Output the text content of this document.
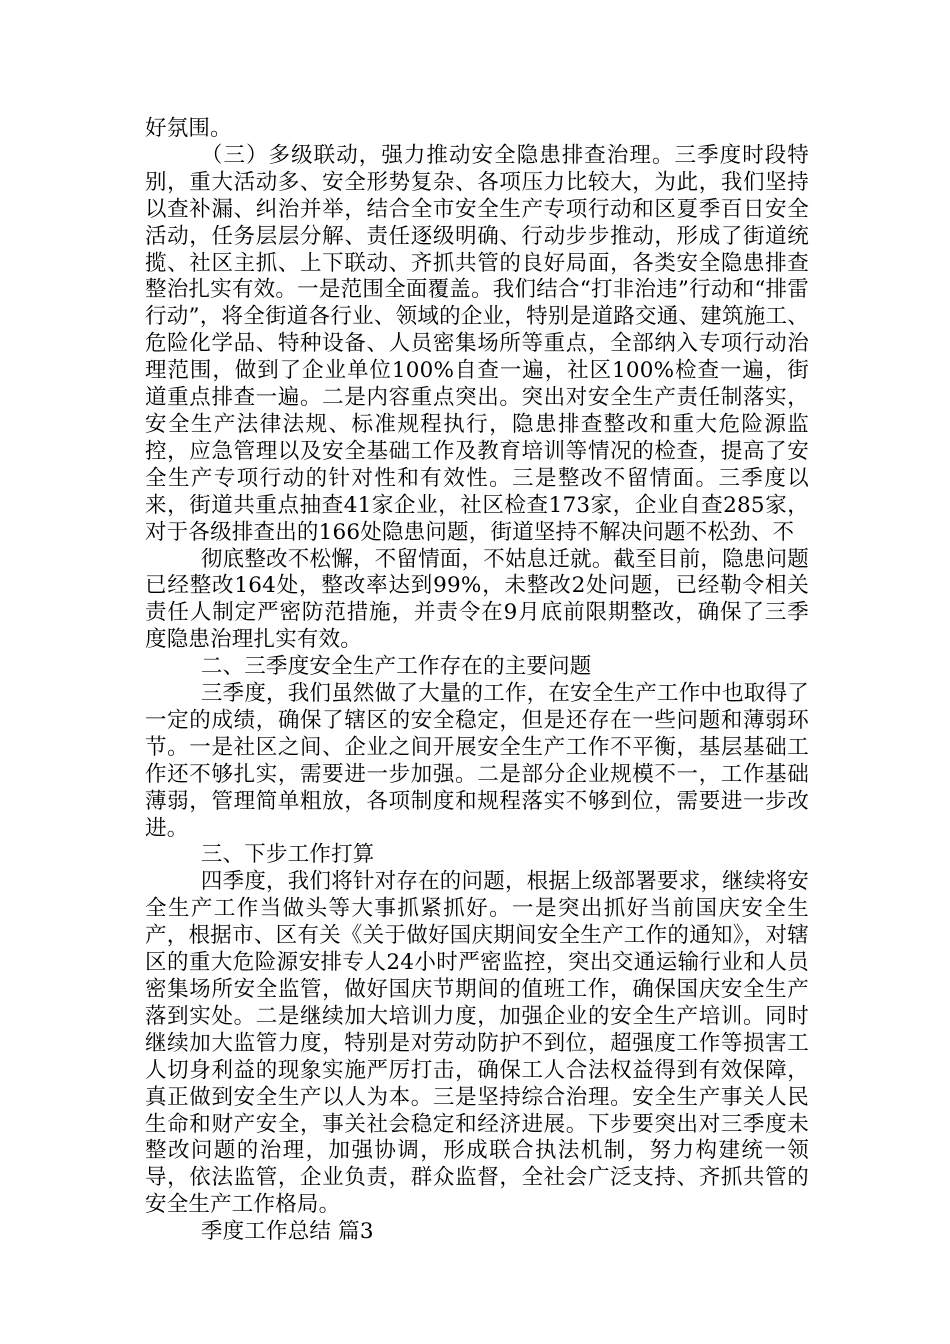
好氛围。

（三）多级联动，强力推动安全隐患排查治理。三季度时段特别，重大活动多、安全形势复杂、各项压力比较大，为此，我们坚持以查补漏、纠治并举，结合全市安全生产专项行动和区夏季百日安全活动，任务层层分解、责任逐级明确、行动步步推动，形成了街道统揽、社区主抓、上下联动、齐抓共管的良好局面，各类安全隐患排查整治扎实有效。一是范围全面覆盖。我们结合“打非治违”行动和“排雷行动”，将全街道各行业、领域的企业，特别是道路交通、建筑施工、危险化学品、特种设备、人员密集场所等重点，全部纳入专项行动治理范围，做到了企业单位100%自查一遍，社区100%检查一遍，街道重点排查一遍。二是内容重点突出。突出对安全生产责任制落实，安全生产法律法规、标准规程执行，隐患排查整改和重大危险源监控，应急管理以及安全基础工作及教育培训等情况的检查，提高了安全生产专项行动的针对性和有效性。三是整改不留情面。三季度以来，街道共重点抽查41家企业，社区检查173家，企业自查285家，对于各级排查出的166处隐患问题，街道坚持不解决问题不松劲、不

彻底整改不松懈，不留情面，不姑息迁就。截至目前，隐患问题已经整改164处，整改率达到99%，未整改2处问题，已经勒令相关责任人制定严密防范措施，并责令在9月底前限期整改，确保了三季度隐患治理扎实有效。

二、三季度安全生产工作存在的主要问题

三季度，我们虽然做了大量的工作，在安全生产工作中也取得了一定的成绩，确保了辖区的安全稳定，但是还存在一些问题和薄弱环节。一是社区之间、企业之间开展安全生产工作不平衡，基层基础工作还不够扎实，需要进一步加强。二是部分企业规模不一，工作基础薄弱，管理简单粗放，各项制度和规程落实不够到位，需要进一步改进。

三、下步工作打算

四季度，我们将针对存在的问题，根据上级部署要求，继续将安全生产工作当做头等大事抓紧抓好。一是突出抓好当前国庆安全生产，根据市、区有关《关于做好国庆期间安全生产工作的通知》，对辖区的重大危险源安排专人24小时严密监控，突出交通运输行业和人员密集场所安全监管，做好国庆节期间的值班工作，确保国庆安全生产落到实处。二是继续加大培训力度，加强企业的安全生产培训。同时继续加大监管力度，特别是对劳动防护不到位，超强度工作等损害工人切身利益的现象实施严厉打击，确保工人合法权益得到有效保障，真正做到安全生产以人为本。三是坚持综合治理。安全生产事关人民生命和财产安全，事关社会稳定和经济进展。下步要突出对三季度未整改问题的治理，加强协调，形成联合执法机制，努力构建统一领导，依法监管，企业负责，群众监督，全社会广泛支持、齐抓共管的安全生产工作格局。

季度工作总结 篇3
